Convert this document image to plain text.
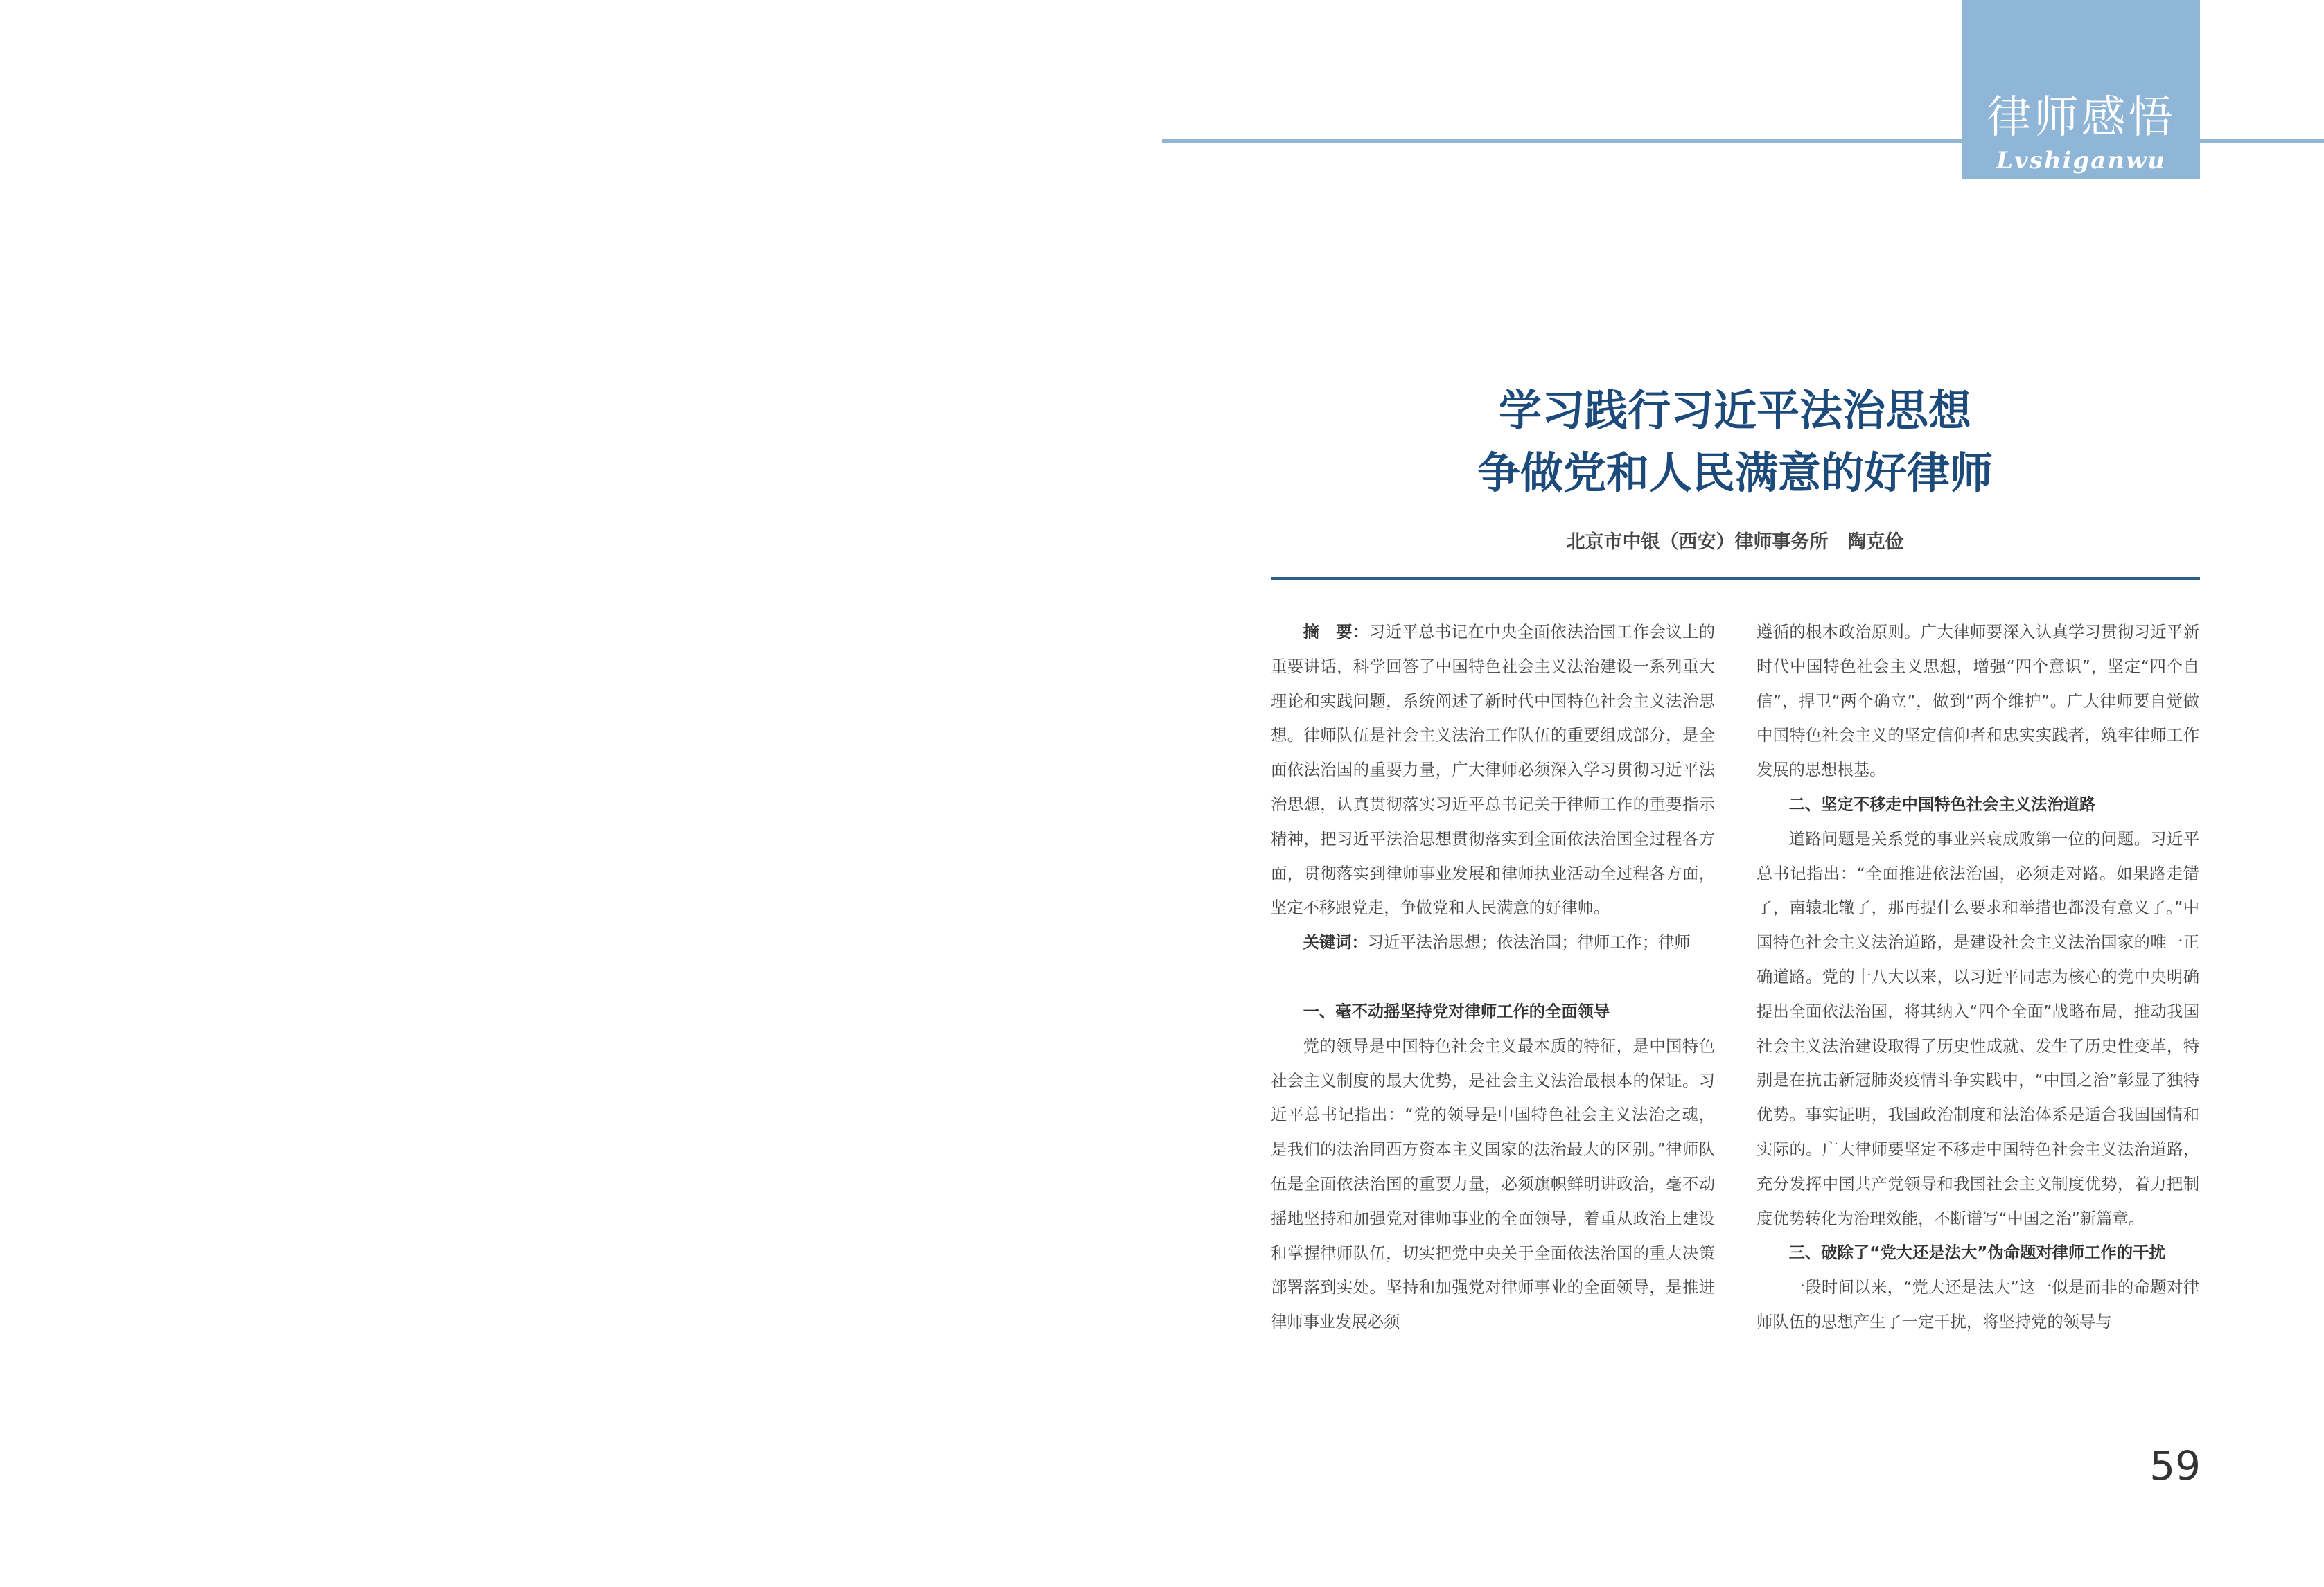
律师感悟
Lvshiganwu
学习践行习近平法治思想
争做党和人民满意的好律师
北京市中银（西安）律师事务所 陶克俭

摘　要：习近平总书记在中央全面依法治国工作会议上的重要讲话，科学回答了中国特色社会主义法治建设一系列重大理论和实践问题，系统阐述了新时代中国特色社会主义法治思想。律师队伍是社会主义法治工作队伍的重要组成部分，是全面依法治国的重要力量，广大律师必须深入学习贯彻习近平法治思想，认真贯彻落实习近平总书记关于律师工作的重要指示精神，把习近平法治思想贯彻落实到全面依法治国全过程各方面，贯彻落实到律师事业发展和律师执业活动全过程各方面，坚定不移跟党走，争做党和人民满意的好律师。

关键词：习近平法治思想；依法治国；律师工作；律师

一、毫不动摇坚持党对律师工作的全面领导

党的领导是中国特色社会主义最本质的特征，是中国特色社会主义制度的最大优势，是社会主义法治最根本的保证。习近平总书记指出：“党的领导是中国特色社会主义法治之魂，是我们的法治同西方资本主义国家的法治最大的区别。”律师队伍是全面依法治国的重要力量，必须旗帜鲜明讲政治，毫不动摇地坚持和加强党对律师事业的全面领导，着重从政治上建设和掌握律师队伍，切实把党中央关于全面依法治国的重大决策部署落到实处。坚持和加强党对律师事业的全面领导，是推进律师事业发展必须

遵循的根本政治原则。广大律师要深入认真学习贯彻习近平新时代中国特色社会主义思想，增强“四个意识”，坚定“四个自信”，捍卫“两个确立”，做到“两个维护”。广大律师要自觉做中国特色社会主义的坚定信仰者和忠实实践者，筑牢律师工作发展的思想根基。

二、坚定不移走中国特色社会主义法治道路

道路问题是关系党的事业兴衰成败第一位的问题。习近平总书记指出：“全面推进依法治国，必须走对路。如果路走错了，南辕北辙了，那再提什么要求和举措也都没有意义了。”中国特色社会主义法治道路，是建设社会主义法治国家的唯一正确道路。党的十八大以来，以习近平同志为核心的党中央明确提出全面依法治国，将其纳入“四个全面”战略布局，推动我国社会主义法治建设取得了历史性成就、发生了历史性变革，特别是在抗击新冠肺炎疫情斗争实践中，“中国之治”彰显了独特优势。事实证明，我国政治制度和法治体系是适合我国国情和实际的。广大律师要坚定不移走中国特色社会主义法治道路，充分发挥中国共产党领导和我国社会主义制度优势，着力把制度优势转化为治理效能，不断谱写“中国之治”新篇章。

三、破除了“党大还是法大”伪命题对律师工作的干扰

一段时间以来，“党大还是法大”这一似是而非的命题对律师队伍的思想产生了一定干扰，将坚持党的领导与

59
